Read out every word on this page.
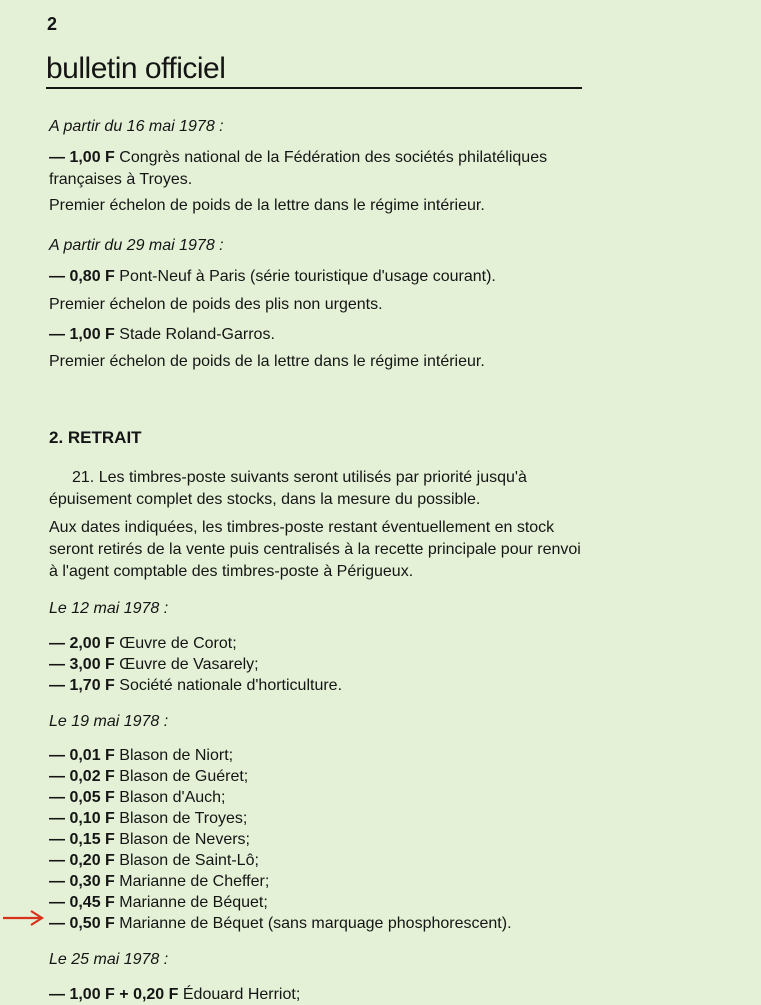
2
bulletin officiel
A partir du 16 mai 1978 :
— 1,00 F Congrès national de la Fédération des sociétés philatéliques
françaises à Troyes.
Premier échelon de poids de la lettre dans le régime intérieur.
A partir du 29 mai 1978 :
— 0,80 F Pont-Neuf à Paris (série touristique d'usage courant).
Premier échelon de poids des plis non urgents.
— 1,00 F Stade Roland-Garros.
Premier échelon de poids de la lettre dans le régime intérieur.
2. RETRAIT
21. Les timbres-poste suivants seront utilisés par priorité jusqu'à
épuisement complet des stocks, dans la mesure du possible.
Aux dates indiquées, les timbres-poste restant éventuellement en stock
seront retirés de la vente puis centralisés à la recette principale pour renvoi
à l'agent comptable des timbres-poste à Périgueux.
Le 12 mai 1978 :
— 2,00 F Œuvre de Corot;
— 3,00 F Œuvre de Vasarely;
— 1,70 F Société nationale d'horticulture.
Le 19 mai 1978 :
— 0,01 F Blason de Niort;
— 0,02 F Blason de Guéret;
— 0,05 F Blason d'Auch;
— 0,10 F Blason de Troyes;
— 0,15 F Blason de Nevers;
— 0,20 F Blason de Saint-Lô;
— 0,30 F Marianne de Cheffer;
— 0,45 F Marianne de Béquet;
— 0,50 F Marianne de Béquet (sans marquage phosphorescent).
Le 25 mai 1978 :
— 1,00 F + 0,20 F Édouard Herriot;
